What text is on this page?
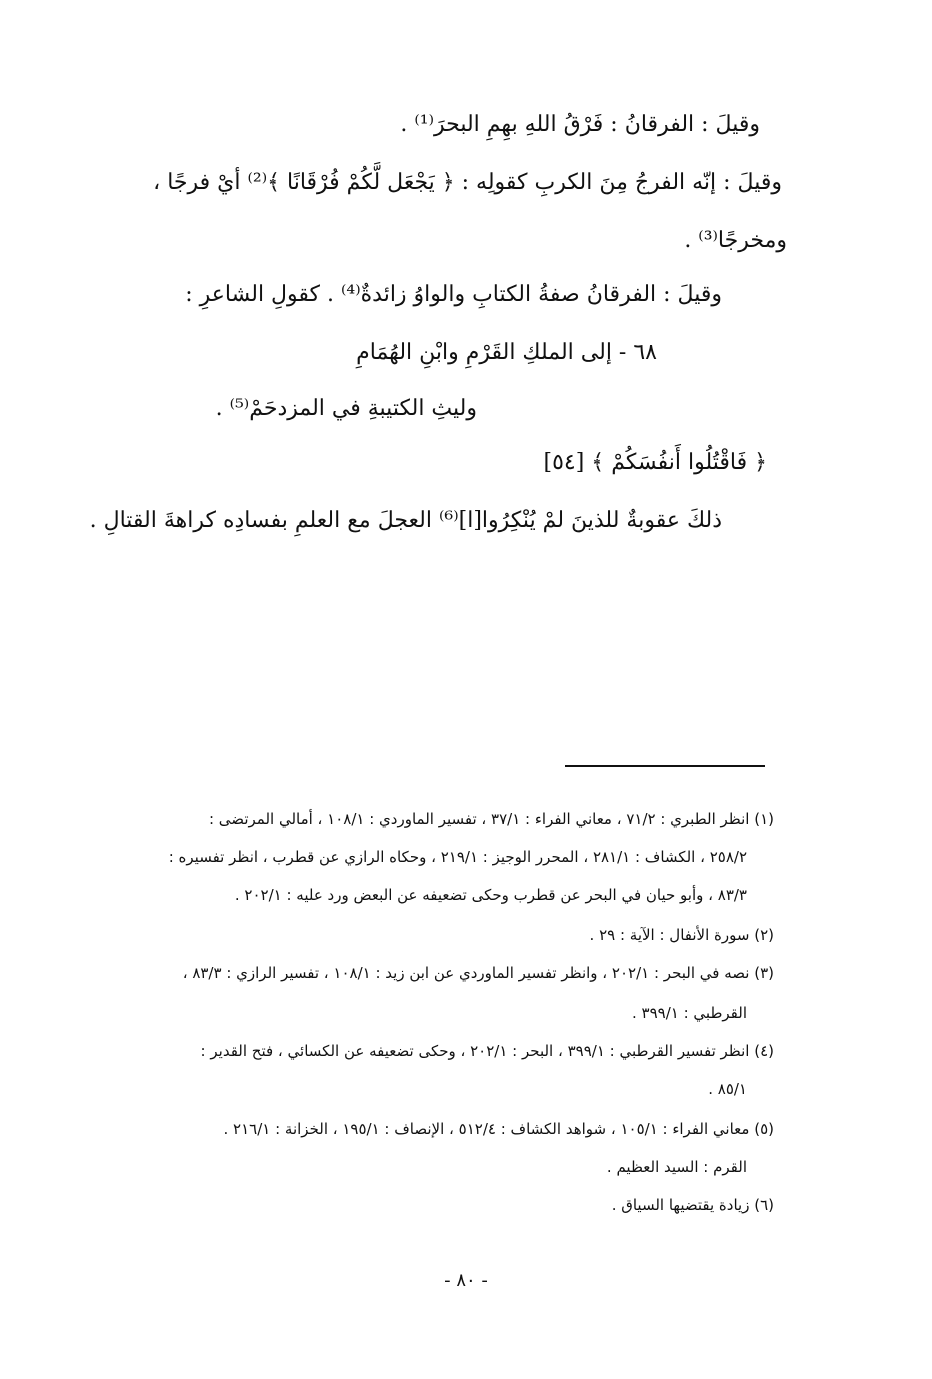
وقيلَ : الفرقانُ : فَرْقُ اللهِ بهِمِ البحرَ⁽¹⁾ .
وقيلَ : إنّه الفرجُ مِنَ الكربِ كقولِه : ﴿ يَجْعَل لَّكُمْ فُرْقَانًا ﴾⁽²⁾ أيْ فرجًا ،
ومخرجًا⁽³⁾ .
وقيلَ : الفرقانُ صفةُ الكتابِ والواوُ زائدةٌ⁽⁴⁾ . كقولِ الشاعرِ :
٦٨ - إلى الملكِ القَرْمِ وابْنِ الهُمَامِ
وليثِ الكتيبةِ في المزدحَمْ⁽⁵⁾ .
﴿ فَاقْتُلُوا أَنفُسَكُمْ ﴾ [٥٤]
ذلكَ عقوبةٌ للذينَ لمْ يُنْكِرُوا[ا]⁽⁶⁾ العجلَ مع العلمِ بفسادِه كراهةَ القتالِ .
(١) انظر الطبري : ٧١/٢ ، معاني الفراء : ٣٧/١ ، تفسير الماوردي : ١٠٨/١ ، أمالي المرتضى :
٢٥٨/٢ ، الكشاف : ٢٨١/١ ، المحرر الوجيز : ٢١٩/١ ، وحكاه الرازي عن قطرب ، انظر تفسيره :
٨٣/٣ ، وأبو حيان في البحر عن قطرب وحكى تضعيفه عن البعض ورد عليه : ٢٠٢/١ .
(٢) سورة الأنفال : الآية : ٢٩ .
(٣) نصه في البحر : ٢٠٢/١ ، وانظر تفسير الماوردي عن ابن زيد : ١٠٨/١ ، تفسير الرازي : ٨٣/٣ ،
القرطبي : ٣٩٩/١ .
(٤) انظر تفسير القرطبي : ٣٩٩/١ ، البحر : ٢٠٢/١ ، وحكى تضعيفه عن الكسائي ، فتح القدير :
٨٥/١ .
(٥) معاني الفراء : ١٠٥/١ ، شواهد الكشاف : ٥١٢/٤ ، الإنصاف : ١٩٥/١ ، الخزانة : ٢١٦/١ .
القرم : السيد العظيم .
(٦) زيادة يقتضيها السياق .
- ٨٠ -
